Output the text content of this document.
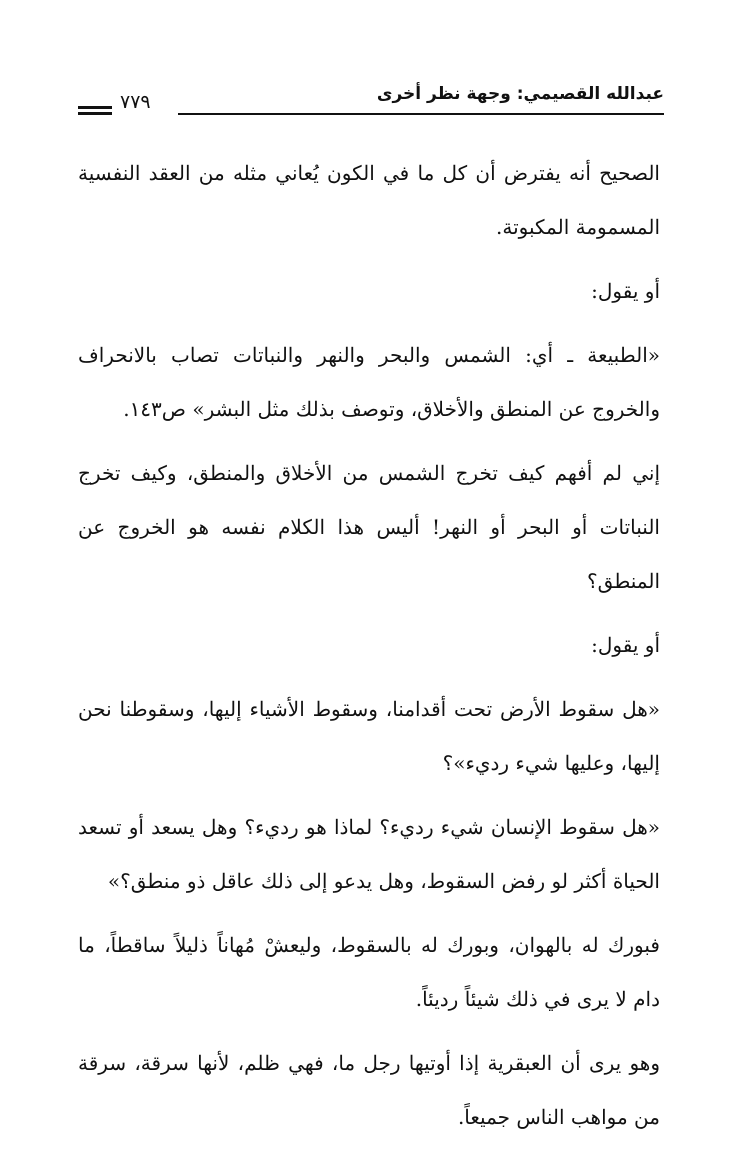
عبدالله القصيمي: وجهة نظر أخرى
٧٧٩

الصحيح أنه يفترض أن كل ما في الكون يُعاني مثله من العقد النفسية المسمومة المكبوتة.

أو يقول:

«الطبيعة ـ أي: الشمس والبحر والنهر والنباتات تصاب بالانحراف والخروج عن المنطق والأخلاق، وتوصف بذلك مثل البشر» ص١٤٣.

إني لم أفهم كيف تخرج الشمس من الأخلاق والمنطق، وكيف تخرج النباتات أو البحر أو النهر! أليس هذا الكلام نفسه هو الخروج عن المنطق؟

أو يقول:

«هل سقوط الأرض تحت أقدامنا، وسقوط الأشياء إليها، وسقوطنا نحن إليها، وعليها شيء رديء»؟

«هل سقوط الإنسان شيء رديء؟ لماذا هو رديء؟ وهل يسعد أو تسعد الحياة أكثر لو رفض السقوط، وهل يدعو إلى ذلك عاقل ذو منطق؟»

فبورك له بالهوان، وبورك له بالسقوط، وليعشْ مُهاناً ذليلاً ساقطاً، ما دام لا يرى في ذلك شيئاً رديئاً.

وهو يرى أن العبقرية إذا أوتيها رجل ما، فهي ظلم، لأنها سرقة، سرقة من مواهب الناس جميعاً.
